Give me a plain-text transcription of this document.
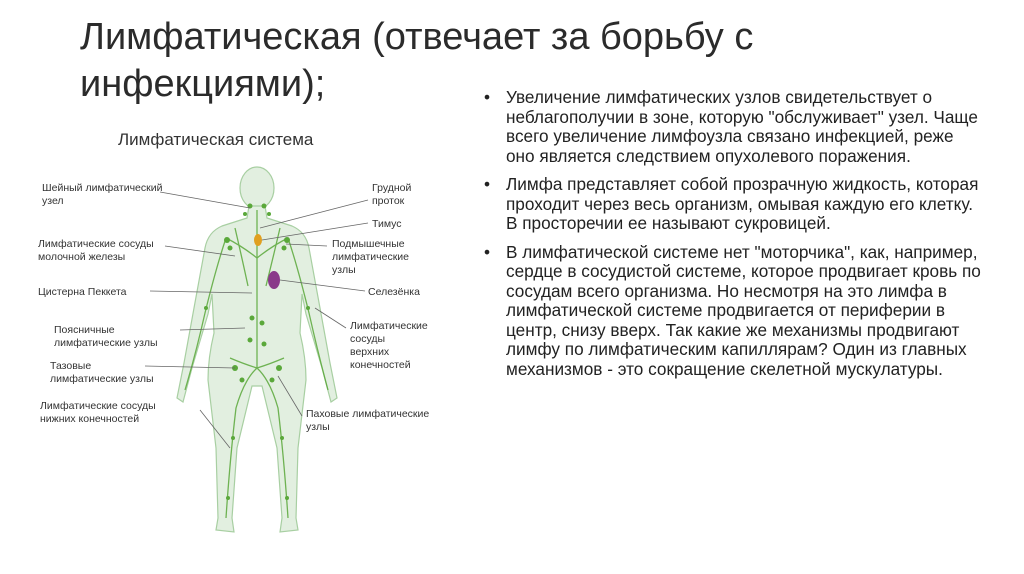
Лимфатическая (отвечает за борьбу с инфекциями);
Лимфатическая система
Шейный лимфатический
узел
Лимфатические сосуды
молочной железы
Цистерна Пеккета
Поясничные
лимфатические узлы
Тазовые
лимфатические узлы
Лимфатические сосуды
нижних конечностей
Грудной
проток
Тимус
Подмышечные
лимфатические
узлы
Селезёнка
Лимфатические
сосуды
верхних
конечностей
Паховые лимфатические
узлы
• Увеличение лимфатических узлов свидетельствует о неблагополучии в зоне, которую "обслуживает" узел. Чаще всего увеличение лимфоузла связано инфекцией, реже оно является следствием опухолевого поражения.
• Лимфа представляет собой прозрачную жидкость, которая проходит через весь организм, омывая каждую его клетку. В просторечии ее называют сукровицей.
• В лимфатической системе нет "моторчика", как, например, сердце в сосудистой системе, которое продвигает кровь по сосудам всего организма. Но несмотря на это лимфа в лимфатической системе продвигается от периферии в центр, снизу вверх. Так какие же механизмы продвигают лимфу по лимфатическим капиллярам? Один из главных механизмов - это сокращение скелетной мускулатуры.
